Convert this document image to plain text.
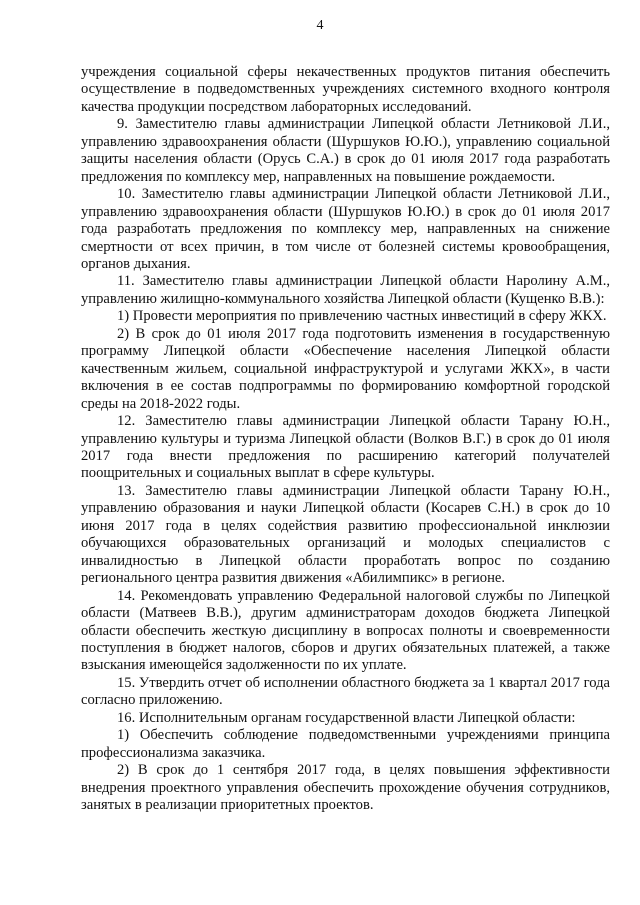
4

учреждения социальной сферы некачественных продуктов питания обеспечить осуществление в подведомственных учреждениях системного входного контроля качества продукции посредством лабораторных исследований.

9. Заместителю главы администрации Липецкой области Летниковой Л.И., управлению здравоохранения области (Шуршуков Ю.Ю.), управлению социальной защиты населения области (Орусь С.А.) в срок до 01 июля 2017 года разработать предложения по комплексу мер, направленных на повышение рождаемости.

10. Заместителю главы администрации Липецкой области Летниковой Л.И., управлению здравоохранения области (Шуршуков Ю.Ю.) в срок до 01 июля 2017 года разработать предложения по комплексу мер, направленных на снижение смертности от всех причин, в том числе от болезней системы кровообращения, органов дыхания.

11. Заместителю главы администрации Липецкой области Наролину А.М., управлению жилищно-коммунального хозяйства Липецкой области (Кущенко В.В.):

1) Провести мероприятия по привлечению частных инвестиций в сферу ЖКХ.

2) В срок до 01 июля 2017 года подготовить изменения в государственную программу Липецкой области «Обеспечение населения Липецкой области качественным жильем, социальной инфраструктурой и услугами ЖКХ», в части включения в ее состав подпрограммы по формированию комфортной городской среды на 2018-2022 годы.

12. Заместителю главы администрации Липецкой области Тарану Ю.Н., управлению культуры и туризма Липецкой области (Волков В.Г.) в срок до 01 июля 2017 года внести предложения по расширению категорий получателей поощрительных и социальных выплат в сфере культуры.

13. Заместителю главы администрации Липецкой области Тарану Ю.Н., управлению образования и науки Липецкой области (Косарев С.Н.) в срок до 10 июня 2017 года в целях содействия развитию профессиональной инклюзии обучающихся образовательных организаций и молодых специалистов с инвалидностью в Липецкой области проработать вопрос по созданию регионального центра развития движения «Абилимпикс» в регионе.

14. Рекомендовать управлению Федеральной налоговой службы по Липецкой области (Матвеев В.В.), другим администраторам доходов бюджета Липецкой области обеспечить жесткую дисциплину в вопросах полноты и своевременности поступления в бюджет налогов, сборов и других обязательных платежей, а также взыскания имеющейся задолженности по их уплате.

15. Утвердить отчет об исполнении областного бюджета за 1 квартал 2017 года согласно приложению.

16. Исполнительным органам государственной власти Липецкой области:

1) Обеспечить соблюдение подведомственными учреждениями принципа профессионализма заказчика.

2) В срок до 1 сентября 2017 года, в целях повышения эффективности внедрения проектного управления обеспечить прохождение обучения сотрудников, занятых в реализации приоритетных проектов.
